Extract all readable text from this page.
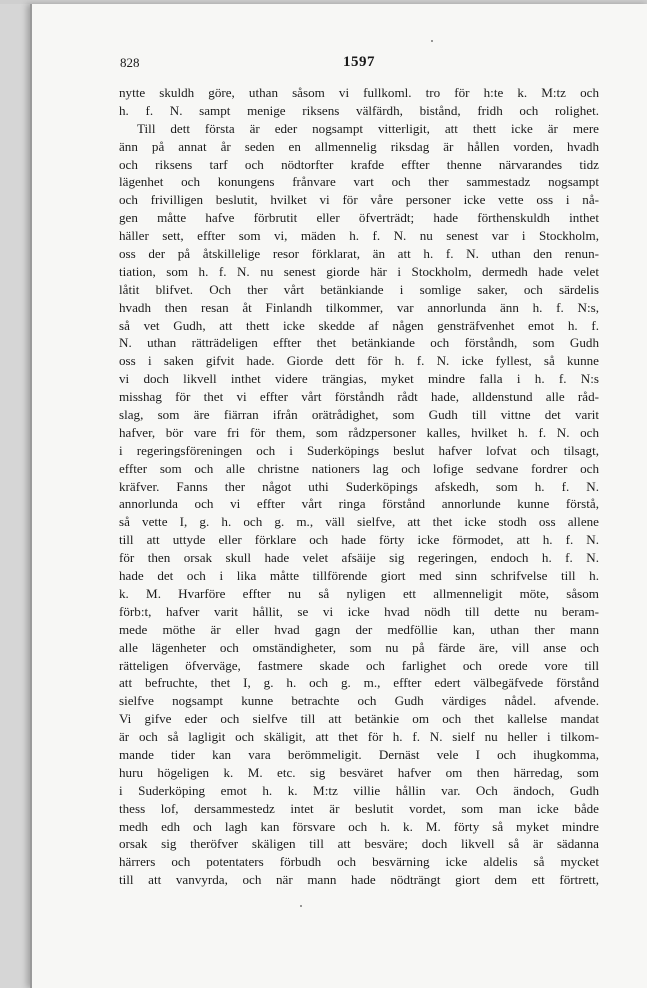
828	1597
nytte skuldh göre, uthan såsom vi fullkoml. tro för h:te k. M:tz och
h. f. N. sampt menige riksens välfärdh, bistånd, fridh och rolighet.
Till dett första är eder nogsampt vitterligit, att thett icke är mere
änn på annat år seden en allmennelig riksdag är hållen vorden, hvadh
och riksens tarf och nödtorfter krafde effter thenne närvarandes tidz
lägenhet och konungens frånvare vart och ther sammestadz nogsampt
och frivilligen beslutit, hvilket vi för våre personer icke vette oss i nå-
gen måtte hafve förbrutit eller öfverträdt; hade förthenskuldh inthet
häller sett, effter som vi, mäden h. f. N. nu senest var i Stockholm,
oss der på åtskillelige resor förklarat, än att h. f. N. uthan den renun-
tiation, som h. f. N. nu senest giorde här i Stockholm, dermedh hade velet
låtit blifvet. Och ther vårt betänkiande i somlige saker, och särdelis
hvadh then resan åt Finlandh tilkommer, var annorlunda änn h. f. N:s,
så vet Gudh, att thett icke skedde af någen gensträfvenhet emot h. f.
N. uthan rätträdeligen effter thet betänkiande och förståndh, som Gudh
oss i saken gifvit hade. Giorde dett för h. f. N. icke fyllest, så kunne
vi doch likvell inthet videre trängias, myket mindre falla i h. f. N:s
misshag för thet vi effter vårt förståndh rådt hade, alldenstund alle råd-
slag, som äre fiärran ifrån orätrådighet, som Gudh till vittne det varit
hafver, bör vare fri för them, som rådzpersoner kalles, hvilket h. f. N. och
i regeringsföreningen och i Suderköpings beslut hafver lofvat och tilsagt,
effter som och alle christne nationers lag och lofige sedvane fordrer och
kräfver. Fanns ther något uthi Suderköpings afskedh, som h. f. N.
annorlunda och vi effter vårt ringa förstånd annorlunde kunne förstå,
så vette I, g. h. och g. m., väll sielfve, att thet icke stodh oss allene
till att uttyde eller förklare och hade förty icke förmodet, att h. f. N.
för then orsak skull hade velet afsäije sig regeringen, endoch h. f. N.
hade det och i lika måtte tillförende giort med sinn schrifvelse till h.
k. M. Hvarföre effter nu så nyligen ett allmenneligit möte, såsom
förb:t, hafver varit hållit, se vi icke hvad nödh till dette nu beram-
mede möthe är eller hvad gagn der medföllie kan, uthan ther mann
alle lägenheter och omständigheter, som nu på färde äre, vill anse och
rätteligen öfverväge, fastmere skade och farlighet och orede vore till
att befruchte, thet I, g. h. och g. m., effter edert välbegäfvede förstånd
sielfve nogsampt kunne betrachte och Gudh värdiges nådel. afvende.
Vi gifve eder och sielfve till att betänkie om och thet kallelse mandat
är och så lagligit och skäligit, att thet för h. f. N. sielf nu heller i tilkom-
mande tider kan vara berömmeligit. Dernäst vele I och ihugkomma,
huru högeligen k. M. etc. sig besväret hafver om then härredag, som
i Suderköping emot h. k. M:tz villie hållin var. Och ändoch, Gudh
thess lof, dersammestedz intet är beslutit vordet, som man icke både
medh edh och lagh kan försvare och h. k. M. förty så myket mindre
orsak sig theröfver skäligen till att besväre; doch likvell så är sädanna
härrers och potentaters förbudh och besvärning icke aldelis så mycket
till att vanvyrda, och när mann hade nödträngt giort dem ett förtrett,
